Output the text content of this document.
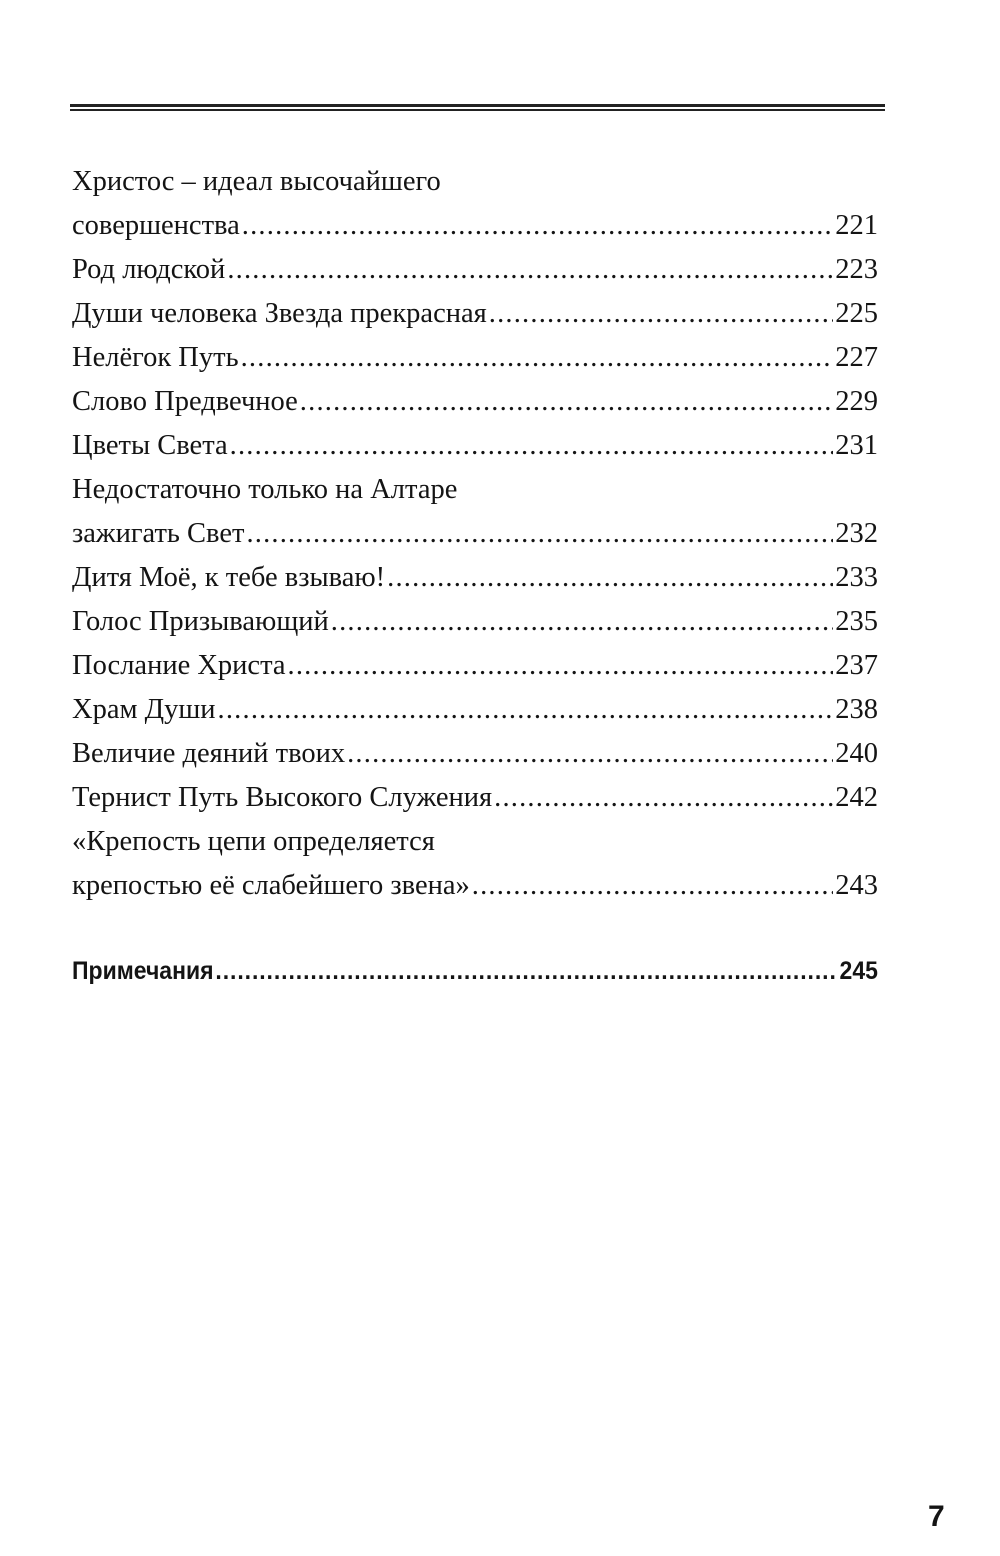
Христос – идеал высочайшего
совершенства .....	221
Род людской .....	223
Души человека Звезда прекрасная .....	225
Нелёгок Путь .....	227
Слово Предвечное .....	229
Цветы Света .....	231
Недостаточно только на Алтаре
зажигать Свет .....	232
Дитя Моё, к тебе взываю! .....	233
Голос Призывающий .....	235
Послание Христа .....	237
Храм Души .....	238
Величие деяний твоих .....	240
Тернист Путь Высокого Служения .....	242
«Крепость цепи определяется
крепостью её слабейшего звена» .....	243
Примечания .....	245
7
